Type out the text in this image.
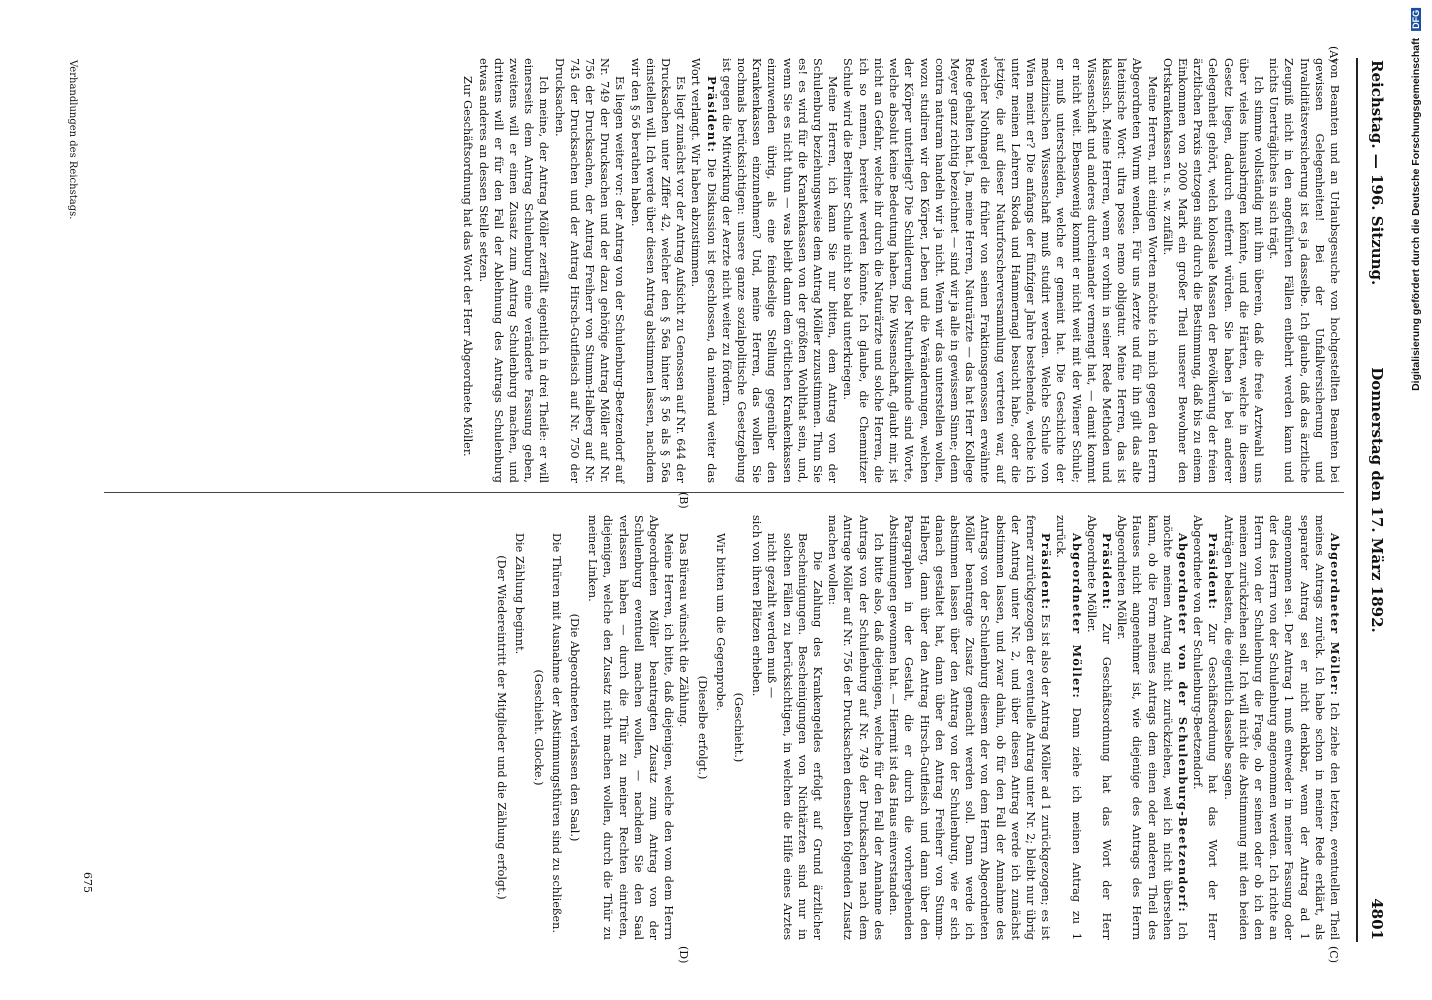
Reichstag. — 196. Sitzung.
Donnerstag den 17. März 1892.
4801
(A)
(B)
(C)
(D)

von Beamten und an Urlaubsgesuche von hochgestellten Beamten bei gewissen Gelegenheiten! Bei der Unfallversicherung und Invaliditätsversicherung ist es ja dasselbe. Ich glaube, daß das ärztliche Zeugniß nicht in den angeführten Fällen entbehrt werden kann und nichts Unerträgliches in sich trägt.

Ich stimme vollständig mit ihm überein, daß die freie Arztwahl uns über vieles hinausbringen könnte, und die Härten, welche in diesem Gesetz liegen, dadurch entfernt würden. Sie haben ja bei anderer Gelegenheit gehört, welch kolossale Massen der Bevölkerung der freien ärztlichen Praxis entzogen sind durch die Bestimmung, daß bis zu einem Einkommen von 2000 Mark ein großer Theil unserer Bewohner den Ortskrankenkassen u. s. w. zufällt.

Meine Herren, mit einigen Worten möchte ich mich gegen den Herrn Abgeordneten Wurm wenden. Für uns Aerzte und für ihn gilt das alte lateinische Wort: ultra posse nemo obligatur. Meine Herren, das ist klassisch. Meine Herren, wenn er vorhin in seiner Rede Methoden und Wissenschaft und anderes durcheinander vermengt hat, — damit kommt er nicht weit. Ebensowenig kommt er nicht weit mit der Wiener Schule; er muß unterscheiden, welche er gemeint hat. Die Geschichte der medizinischen Wissenschaft muß studirt werden. Welche Schule von Wien meint er? Die anfangs der fünfziger Jahre bestehende, welche ich unter meinen Lehrern Skoda und Hammernagl besucht habe, oder die jetzige, die auf dieser Naturforscherversammlung vertreten war, auf welcher Nothnagel die früher von seinen Fraktionsgenossen erwähnte Rede gehalten hat. Ja, meine Herren, Naturärzte — das hat Herr Kollege Meyer ganz richtig bezeichnet — sind wir ja alle in gewissem Sinne; denn contra naturam handeln wir ja nicht. Wenn wir das unterstellen wollen, wozu studiren wir den Körper, Leben und die Veränderungen, welchen der Körper unterliegt? Die Schilderung der Naturheilkunde sind Worte, welche absolut keine Bedeutung haben. Die Wissenschaft, glaubt mir, ist nicht an Gefahr, welche ihr durch die Naturärzte und solche Herren, die ich so nennen, bereitet werden könnte. Ich glaube, die Chemnitzer Schule wird die Berliner Schule nicht so bald unterkriegen.

Meine Herren, ich kann Sie nur bitten, dem Antrag von der Schulenburg beziehungsweise dem Antrag Möller zuzustimmen. Thun Sie es! es wird für die Krankenkassen von der größten Wohlthat sein, und, wenn Sie es nicht thun — was bleibt dann dem örtlichen Krankenkassen einzuwenden übrig, als eine feindselige Stellung gegenüber den Krankenkassen einzunehmen? Und, meine Herren, das wollen Sie nochmals berücksichtigen: unsere ganze sozialpolitische Gesetzgebung ist gegen die Mitwirkung der Aerzte nicht weiter zu fördern.

Präsident: Die Diskussion ist geschlossen, da niemand weiter das Wort verlangt. Wir haben abzustimmen.

Es liegt zunächst vor der Antrag Aufsicht zu Genossen auf Nr. 644 der Drucksachen unter Ziffer 42, welcher den § 56a hinter § 56 als § 56a einstellen will. Ich werde über diesen Antrag abstimmen lassen, nachdem wir den § 56 berathen haben.

Es liegen weiter vor: der Antrag von der Schulenburg-Beetzendorf auf Nr. 749 der Drucksachen und der dazu gehörige Antrag Möller auf Nr. 756 der Drucksachen, der Antrag Freiherr von Stumm-Halberg auf Nr. 745 der Drucksachen und der Antrag Hirsch-Gutfleisch auf Nr. 750 der Drucksachen.

Ich meine, der Antrag Möller zerfällt eigentlich in drei Theile: er will einerseits dem Antrag Schulenburg eine veränderte Fassung geben, zweitens will er einen Zusatz zum Antrag Schulenburg machen, und drittens will er für den Fall der Ablehnung des Antrags Schulenburg etwas anderes an dessen Stelle setzen.

Zur Geschäftsordnung hat das Wort der Herr Abgeordnete Möller.

Abgeordneter Möller: Ich ziehe den letzten, eventuellen Theil meines Antrags zurück. Ich habe schon in meiner Rede erklärt, als separater Antrag sei er nicht denkbar, wenn der Antrag ad 1 angenommen sei. Der Antrag 1 muß entweder in meiner Fassung oder der des Herrn von der Schulenburg angenommen werden. Ich richte an Herrn von der Schulenburg die Frage, ob er seinen oder ob ich den meinen zurückziehen soll. Ich will nicht die Abstimmung mit den beiden Anträgen belasten, die eigentlich dasselbe sagen.

Präsident: Zur Geschäftsordnung hat das Wort der Herr Abgeordnete von der Schulenburg-Beetzendorf.

Abgeordneter von der Schulenburg-Beetzendorf: Ich möchte meinen Antrag nicht zurückziehen, weil ich nicht übersehen kann, ob die Form meines Antrags dem einen oder anderen Theil des Hauses nicht angenehmer ist, wie diejenige des Antrags des Herrn Abgeordneten Möller.

Präsident: Zur Geschäftsordnung hat das Wort der Herr Abgeordnete Möller.

Abgeordneter Möller: Dann ziehe ich meinen Antrag zu 1 zurück.

Präsident: Es ist also der Antrag Möller ad 1 zurückgezogen; es ist ferner zurückgezogen der eventuelle Antrag unter Nr. 2; bleibt nur übrig der Antrag unter Nr. 2, und über diesen Antrag werde ich zunächst abstimmen lassen, und zwar dahin, ob für den Fall der Annahme des Antrags von der Schulenburg diesem der von dem Herrn Abgeordneten Möller beantragte Zusatz gemacht werden soll. Dann werde ich abstimmen lassen über den Antrag von der Schulenburg, wie er sich danach gestaltet hat, dann über den Antrag Freiherr von Stumm-Halberg, dann über den Antrag Hirsch-Gutfleisch und dann über den Paragraphen in der Gestalt, die er durch die vorhergehenden Abstimmungen gewonnen hat. — Hiermit ist das Haus einverstanden.

Ich bitte also, daß diejenigen, welche für den Fall der Annahme des Antrags von der Schulenburg auf Nr. 749 der Drucksachen nach dem Antrage Möller auf Nr. 756 der Drucksachen denselben folgenden Zusatz machen wollen:

Die Zahlung des Krankengeldes erfolgt auf Grund ärztlicher Bescheinigungen. Bescheinigungen von Nichtärzten sind nur in solchen Fällen zu berücksichtigen, in welchen die Hilfe eines Arztes nicht gezahlt werden muß —

sich von ihren Plätzen erheben.

(Geschieht.)

Wir bitten um die Gegenprobe.

(Dieselbe erfolgt.)

Das Büreau wünscht die Zählung.

Meine Herren, ich bitte, daß diejenigen, welche den vom dem Herrn Abgeordneten Möller beantragten Zusatz zum Antrag von der Schulenburg eventuell machen wollen, — nachdem Sie den Saal verlassen haben — durch die Thür zu meiner Rechten eintreten, diejenigen, welche den Zusatz nicht machen wollen, durch die Thür zu meiner Linken.

(Die Abgeordneten verlassen den Saal.)

Die Thüren mit Ausnahme der Abstimmungsthüren sind zu schließen.

(Geschieht. Glocke.)

Die Zählung beginnt.

(Der Wiedereintritt der Mitglieder und die Zählung erfolgt.)

Verhandlungen des Reichstags.
675
Digitalisierung gefördert durch die Deutsche Forschungsgemeinschaft DFG
